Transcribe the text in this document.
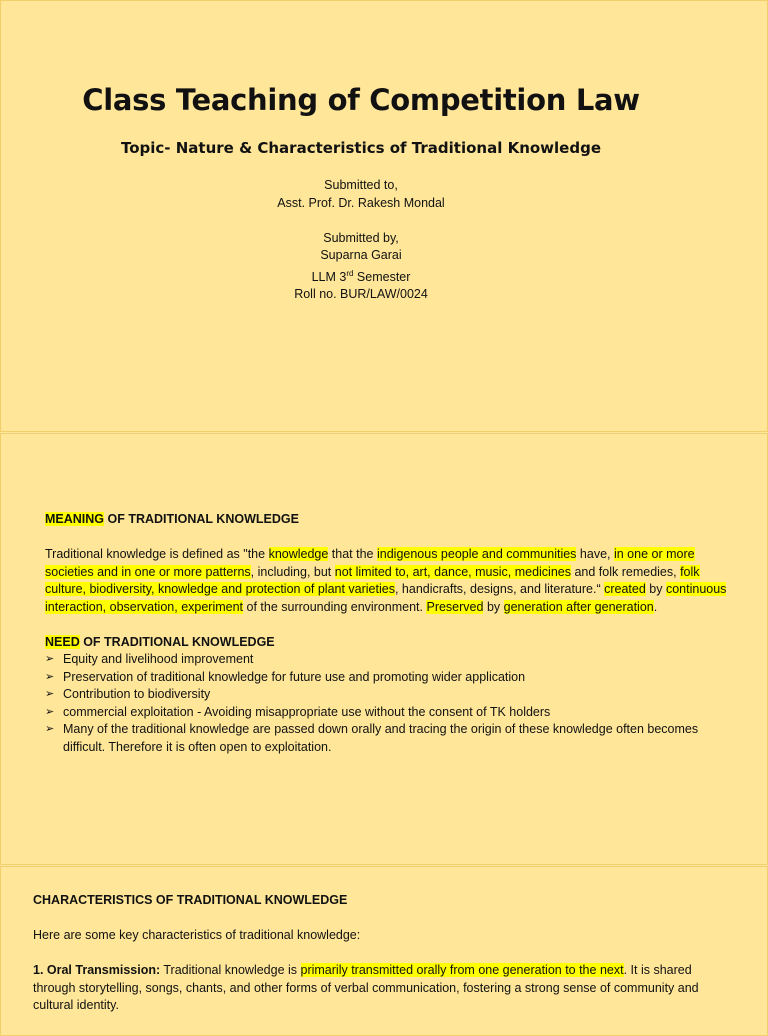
Class Teaching of Competition Law
Topic- Nature & Characteristics of Traditional Knowledge
Submitted to,
Asst. Prof. Dr. Rakesh Mondal
Submitted by,
Suparna Garai
LLM 3rd Semester
Roll no. BUR/LAW/0024
MEANING OF TRADITIONAL KNOWLEDGE
Traditional knowledge is defined as "the knowledge that the indigenous people and communities have, in one or more societies and in one or more patterns, including, but not limited to, art, dance, music, medicines and folk remedies, folk culture, biodiversity, knowledge and protection of plant varieties, handicrafts, designs, and literature.“ created by continuous interaction, observation, experiment of the surrounding environment. Preserved by generation after generation.
NEED OF TRADITIONAL KNOWLEDGE
➢ Equity and livelihood improvement
➢ Preservation of traditional knowledge for future use and promoting wider application
➢ Contribution to biodiversity
➢ commercial exploitation - Avoiding misappropriate use without the consent of TK holders
➢ Many of the traditional knowledge are passed down orally and tracing the origin of these knowledge often becomes difficult. Therefore it is often open to exploitation.
CHARACTERISTICS OF TRADITIONAL KNOWLEDGE
Here are some key characteristics of traditional knowledge:
1. Oral Transmission: Traditional knowledge is primarily transmitted orally from one generation to the next. It is shared through storytelling, songs, chants, and other forms of verbal communication, fostering a strong sense of community and cultural identity.
